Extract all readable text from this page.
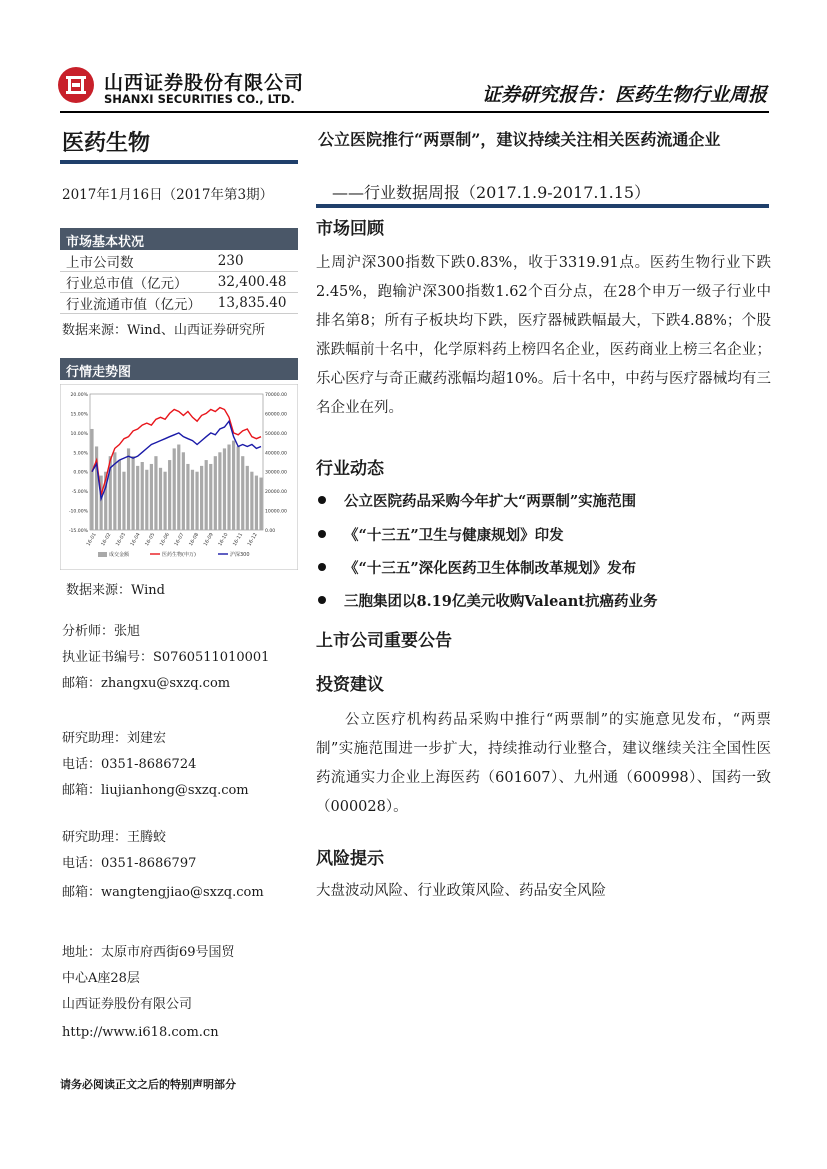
山西证券股份有限公司
SHANXI SECURITIES CO., LTD.	证券研究报告：医药生物行业周报
医药生物
2017年1月16日（2017年第3期）
市场基本状况
上市公司数	230
行业总市值（亿元）	32,400.48
行业流通市值（亿元）	13,835.40
数据来源：Wind、山西证券研究所
行情走势图
20.00%
15.00%
10.00%
5.00%
0.00%
-5.00%
-10.00%
-15.00%
70000.00
60000.00
50000.00
40000.00
30000.00
20000.00
10000.00
0.00
16-01 16-02 16-03 16-04 16-05 16-06 16-07 16-08 16-09 16-10 16-11 16-12
成交金额	医药生物(申万)	沪深300
数据来源：Wind
分析师：张旭
执业证书编号：S0760511010001
邮箱：zhangxu@sxzq.com
研究助理：刘建宏
电话：0351-8686724
邮箱：liujianhong@sxzq.com
研究助理：王腾蛟
电话：0351-8686797
邮箱：wangtengjiao@sxzq.com
地址：太原市府西街69号国贸
中心A座28层
山西证券股份有限公司
http://www.i618.com.cn
请务必阅读正文之后的特别声明部分
公立医院推行“两票制”，建议持续关注相关医药流通企业
——行业数据周报（2017.1.9-2017.1.15）
市场回顾
上周沪深300指数下跌0.83%，收于3319.91点。医药生物行业下跌2.45%，跑输沪深300指数1.62个百分点，在28个申万一级子行业中排名第8；所有子板块均下跌，医疗器械跌幅最大，下跌4.88%；个股涨跌幅前十名中，化学原料药上榜四名企业，医药商业上榜三名企业；乐心医疗与奇正藏药涨幅均超10%。后十名中，中药与医疗器械均有三名企业在列。
行业动态
公立医院药品采购今年扩大“两票制”实施范围
《“十三五”卫生与健康规划》印发
《“十三五”深化医药卫生体制改革规划》发布
三胞集团以8.19亿美元收购Valeant抗癌药业务
上市公司重要公告
投资建议
公立医疗机构药品采购中推行“两票制”的实施意见发布，“两票制”实施范围进一步扩大，持续推动行业整合，建议继续关注全国性医药流通实力企业上海医药（601607）、九州通（600998）、国药一致（000028）。
风险提示
大盘波动风险、行业政策风险、药品安全风险
